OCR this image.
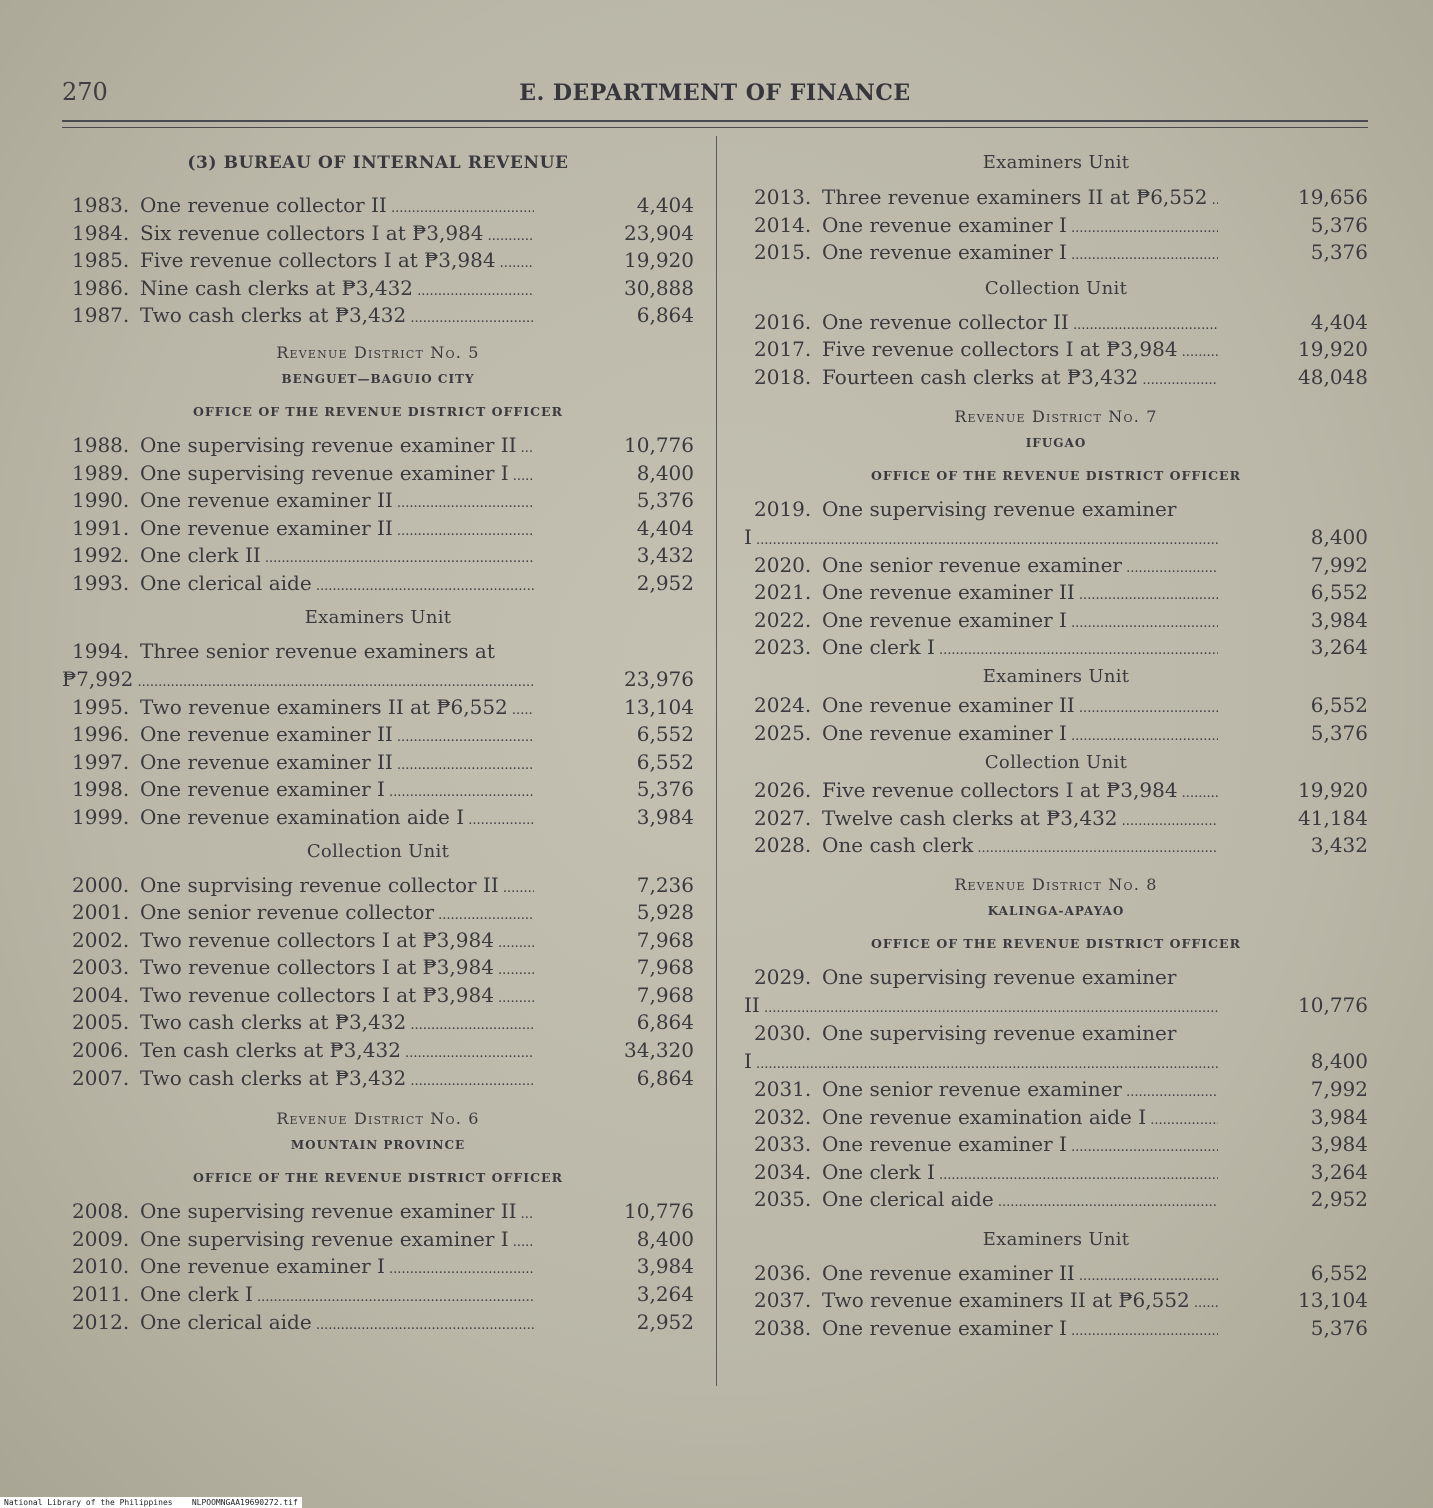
270	E. DEPARTMENT OF FINANCE
(3) BUREAU OF INTERNAL REVENUE
1983. One revenue collector II .....	4,404
1984. Six revenue collectors I at ₱3,984 .....	23,904
1985. Five revenue collectors I at ₱3,984 .....	19,920
1986. Nine cash clerks at ₱3,432 .....	30,888
1987. Two cash clerks at ₱3,432 .....	6,864
Revenue District No. 5
BENGUET—BAGUIO CITY
OFFICE OF THE REVENUE DISTRICT OFFICER
1988. One supervising revenue examiner II .....	10,776
1989. One supervising revenue examiner I .....	8,400
1990. One revenue examiner II .....	5,376
1991. One revenue examiner II .....	4,404
1992. One clerk II .....	3,432
1993. One clerical aide .....	2,952
Examiners Unit
1994. Three senior revenue examiners at
₱7,992 .....	23,976
1995. Two revenue examiners II at ₱6,552 .....	13,104
1996. One revenue examiner II .....	6,552
1997. One revenue examiner II .....	6,552
1998. One revenue examiner I .....	5,376
1999. One revenue examination aide I .....	3,984
Collection Unit
2000. One suprvising revenue collector II .....	7,236
2001. One senior revenue collector .....	5,928
2002. Two revenue collectors I at ₱3,984 .....	7,968
2003. Two revenue collectors I at ₱3,984 .....	7,968
2004. Two revenue collectors I at ₱3,984 .....	7,968
2005. Two cash clerks at ₱3,432 .....	6,864
2006. Ten cash clerks at ₱3,432 .....	34,320
2007. Two cash clerks at ₱3,432 .....	6,864
Revenue District No. 6
MOUNTAIN PROVINCE
OFFICE OF THE REVENUE DISTRICT OFFICER
2008. One supervising revenue examiner II .....	10,776
2009. One supervising revenue examiner I .....	8,400
2010. One revenue examiner I .....	3,984
2011. One clerk I .....	3,264
2012. One clerical aide .....	2,952
Examiners Unit
2013. Three revenue examiners II at ₱6,552 .....	19,656
2014. One revenue examiner I .....	5,376
2015. One revenue examiner I .....	5,376
Collection Unit
2016. One revenue collector II .....	4,404
2017. Five revenue collectors I at ₱3,984 .....	19,920
2018. Fourteen cash clerks at ₱3,432 .....	48,048
Revenue District No. 7
IFUGAO
OFFICE OF THE REVENUE DISTRICT OFFICER
2019. One supervising revenue examiner
I .....	8,400
2020. One senior revenue examiner .....	7,992
2021. One revenue examiner II .....	6,552
2022. One revenue examiner I .....	3,984
2023. One clerk I .....	3,264
Examiners Unit
2024. One revenue examiner II .....	6,552
2025. One revenue examiner I .....	5,376
Collection Unit
2026. Five revenue collectors I at ₱3,984 .....	19,920
2027. Twelve cash clerks at ₱3,432 .....	41,184
2028. One cash clerk .....	3,432
Revenue District No. 8
KALINGA-APAYAO
OFFICE OF THE REVENUE DISTRICT OFFICER
2029. One supervising revenue examiner
II .....	10,776
2030. One supervising revenue examiner
I .....	8,400
2031. One senior revenue examiner .....	7,992
2032. One revenue examination aide I .....	3,984
2033. One revenue examiner I .....	3,984
2034. One clerk I .....	3,264
2035. One clerical aide .....	2,952
Examiners Unit
2036. One revenue examiner II .....	6,552
2037. Two revenue examiners II at ₱6,552 .....	13,104
2038. One revenue examiner I .....	5,376
National Library of the Philippines    NLPOOMNGAA19690272.tif
